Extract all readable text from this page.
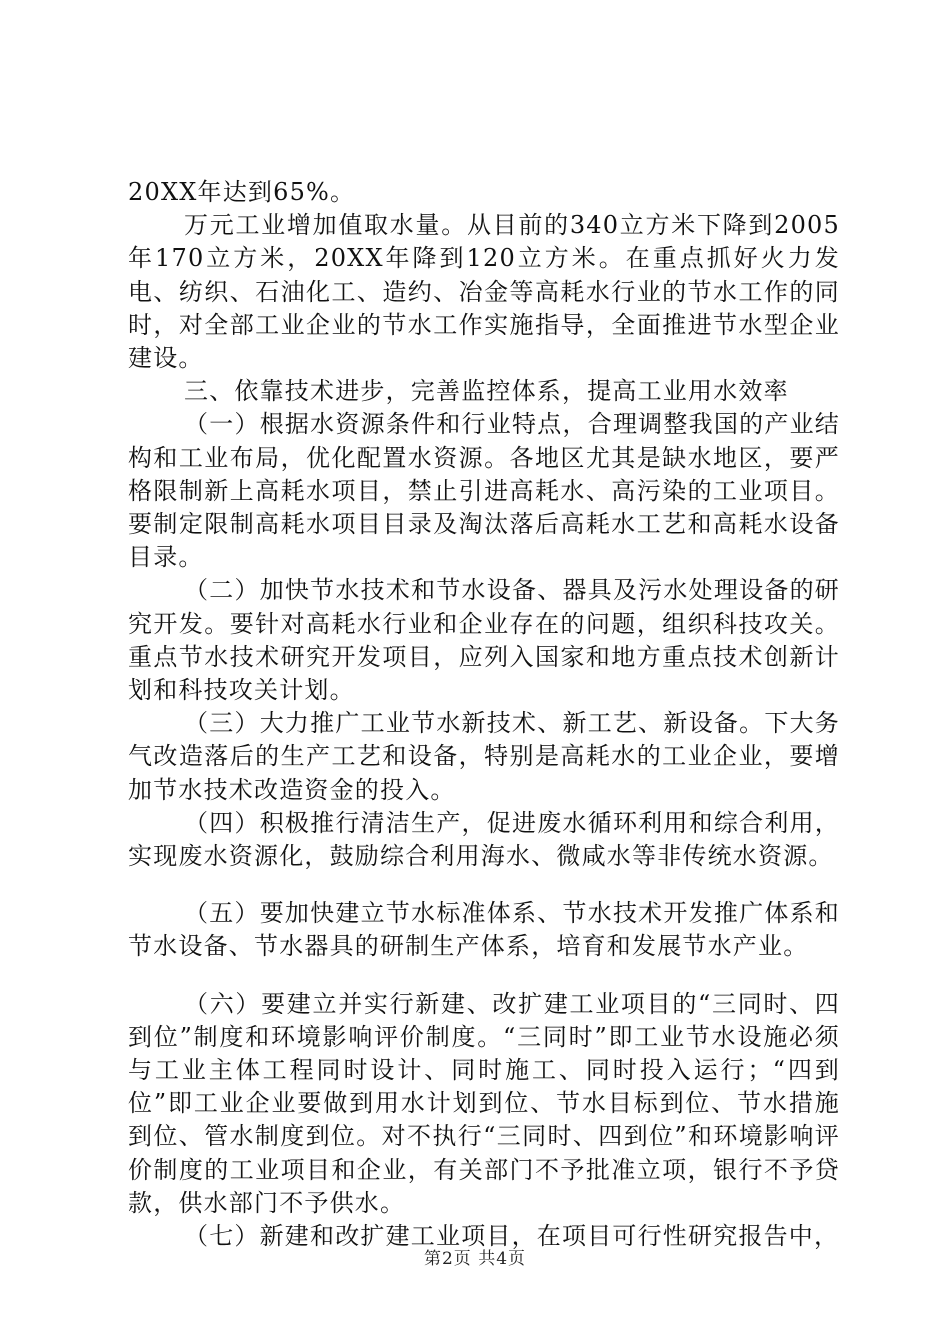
20XX年达到65%。

万元工业增加值取水量。从目前的340立方米下降到2005年170立方米，20XX年降到120立方米。在重点抓好火力发电、纺织、石油化工、造约、冶金等高耗水行业的节水工作的同时，对全部工业企业的节水工作实施指导，全面推进节水型企业建设。

三、依靠技术进步，完善监控体系，提高工业用水效率

（一）根据水资源条件和行业特点，合理调整我国的产业结构和工业布局，优化配置水资源。各地区尤其是缺水地区，要严格限制新上高耗水项目，禁止引进高耗水、高污染的工业项目。要制定限制高耗水项目目录及淘汰落后高耗水工艺和高耗水设备目录。

（二）加快节水技术和节水设备、器具及污水处理设备的研究开发。要针对高耗水行业和企业存在的问题，组织科技攻关。重点节水技术研究开发项目，应列入国家和地方重点技术创新计划和科技攻关计划。

（三）大力推广工业节水新技术、新工艺、新设备。下大务气改造落后的生产工艺和设备，特别是高耗水的工业企业，要增加节水技术改造资金的投入。

（四）积极推行清洁生产，促进废水循环利用和综合利用，实现废水资源化，鼓励综合利用海水、微咸水等非传统水资源。

（五）要加快建立节水标准体系、节水技术开发推广体系和节水设备、节水器具的研制生产体系，培育和发展节水产业。

（六）要建立并实行新建、改扩建工业项目的“三同时、四到位”制度和环境影响评价制度。“三同时”即工业节水设施必须与工业主体工程同时设计、同时施工、同时投入运行；“四到位”即工业企业要做到用水计划到位、节水目标到位、节水措施到位、管水制度到位。对不执行“三同时、四到位”和环境影响评价制度的工业项目和企业，有关部门不予批准立项，银行不予贷款，供水部门不予供水。

（七）新建和改扩建工业项目，在项目可行性研究报告中，

第2页 共4页
